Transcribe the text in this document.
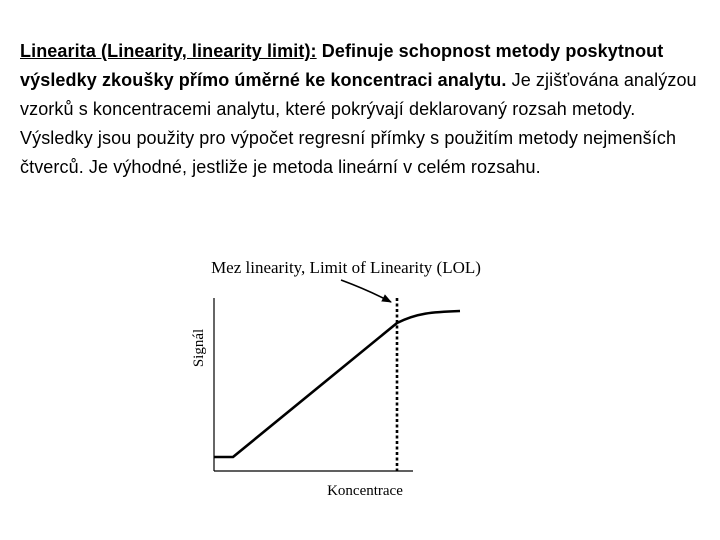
Linearita (Linearity, linearity limit): Definuje schopnost metody poskytnout výsledky zkoušky přímo úměrné ke koncentraci analytu. Je zjišťována analýzou vzorků s koncentracemi analytu, které pokrývají deklarovaný rozsah metody. Výsledky jsou použity pro výpočet regresní přímky s použitím metody nejmenších čtverců. Je výhodné, jestliže je metoda lineární v celém rozsahu.
Mez linearity, Limit of Linearity (LOL)
Signál
Koncentrace
